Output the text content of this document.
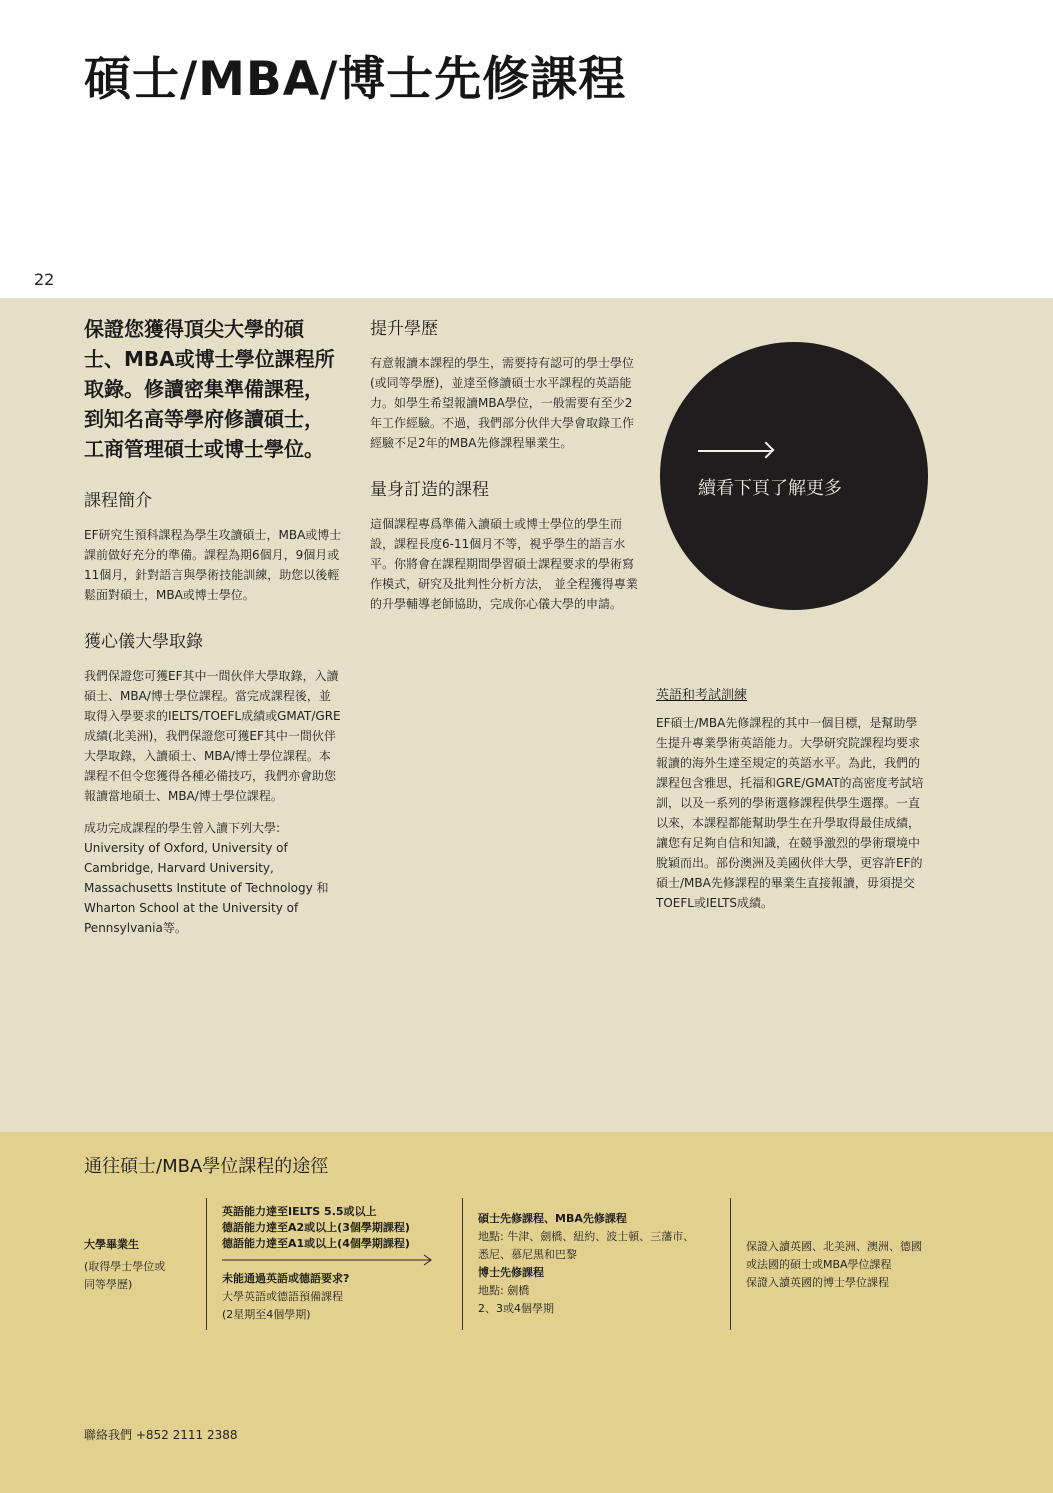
碩士/MBA/博士先修課程
22

保證您獲得頂尖大學的碩士、MBA或博士學位課程所取錄。修讀密集準備課程，到知名高等學府修讀碩士，工商管理碩士或博士學位。

課程簡介

EF研究生預科課程為學生攻讀碩士，MBA或博士課前做好充分的準備。課程為期6個月，9個月或11個月，針對語言與學術技能訓練，助您以後輕鬆面對碩士，MBA或博士學位。

獲心儀大學取錄

我們保證您可獲EF其中一間伙伴大學取錄，入讀碩士、MBA/博士學位課程。當完成課程後，並取得入學要求的IELTS/TOEFL成績或GMAT/GRE成績(北美洲)，我們保證您可獲EF其中一間伙伴大學取錄，入讀碩士、MBA/博士學位課程。本課程不但令您獲得各種必備技巧，我們亦會助您報讀當地碩士、MBA/博士學位課程。

成功完成課程的學生曾入讀下列大學: University of Oxford, University of Cambridge, Harvard University, Massachusetts Institute of Technology 和 Wharton School at the University of Pennsylvania等。

提升學歷

有意報讀本課程的學生，需要持有認可的學士學位(或同等學歷)，並達至修讀碩士水平課程的英語能力。如學生希望報讀MBA學位，一般需要有至少2年工作經驗。不過，我們部分伙伴大學會取錄工作經驗不足2年的MBA先修課程畢業生。

量身訂造的課程

這個課程專爲準備入讀碩士或博士學位的學生而設，課程長度6-11個月不等，視乎學生的語言水平。你將會在課程期間學習碩士課程要求的學術寫作模式，研究及批判性分析方法， 並全程獲得專業的升學輔導老師協助，完成你心儀大學的申請。

續看下頁了解更多
英語和考試訓練

EF碩士/MBA先修課程的其中一個目標，是幫助學生提升專業學術英語能力。大學研究院課程均要求報讀的海外生達至規定的英語水平。為此，我們的課程包含雅思，托福和GRE/GMAT的高密度考試培訓，以及一系列的學術選修課程供學生選擇。一直以來，本課程都能幫助學生在升學取得最佳成績，讓您有足夠自信和知識，在競爭激烈的學術環境中脫穎而出。部份澳洲及美國伙伴大學，更容許EF的碩士/MBA先修課程的畢業生直接報讀，毋須提交TOEFL或IELTS成績。

通往碩士/MBA學位課程的途徑
大學畢業生
(取得學士學位或
同等學歷)
英語能力達至IELTS 5.5或以上
德語能力達至A2或以上(3個學期課程)
德語能力達至A1或以上(4個學期課程)
未能通過英語或德語要求?
大學英語或德語預備課程
(2星期至4個學期)
碩士先修課程、MBA先修課程
地點: 牛津、劍橋、紐約、波士頓、三藩市、
悉尼、慕尼黑和巴黎
博士先修課程
地點: 劍橋
2、3或4個學期
保證入讀英國、北美洲、澳洲、德國
或法國的碩士或MBA學位課程
保證入讀英國的博士學位課程
聯絡我們 +852 2111 2388
